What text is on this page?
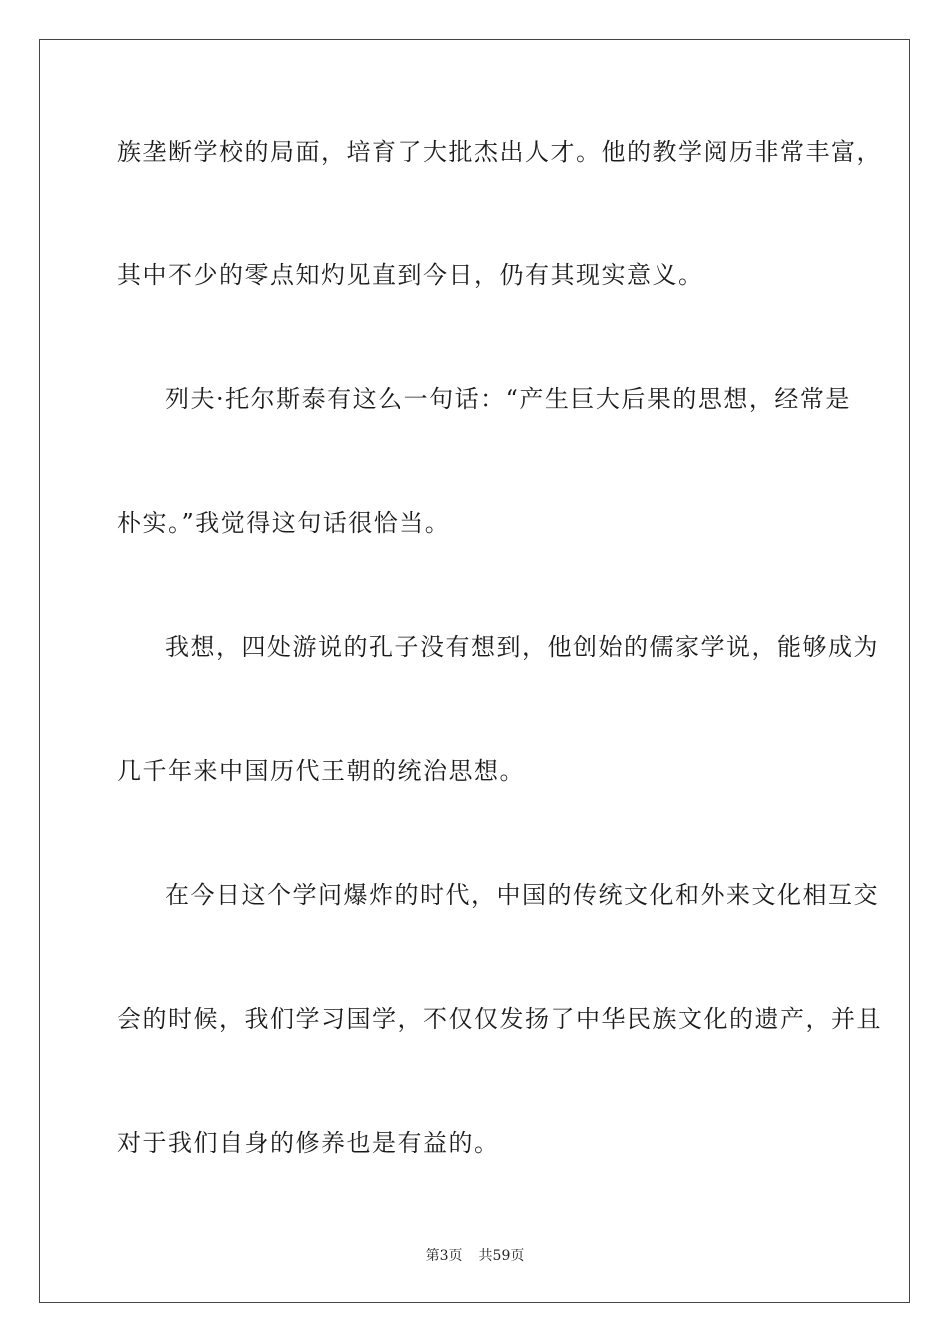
族垄断学校的局面，培育了大批杰出人才。他的教学阅历非常丰富，
其中不少的零点知灼见直到今日，仍有其现实意义。
列夫·托尔斯泰有这么一句话：“产生巨大后果的思想，经常是
朴实。”我觉得这句话很恰当。
我想，四处游说的孔子没有想到，他创始的儒家学说，能够成为
几千年来中国历代王朝的统治思想。
在今日这个学问爆炸的时代，中国的传统文化和外来文化相互交
会的时候，我们学习国学，不仅仅发扬了中华民族文化的遗产，并且
对于我们自身的修养也是有益的。
第3页 共59页
